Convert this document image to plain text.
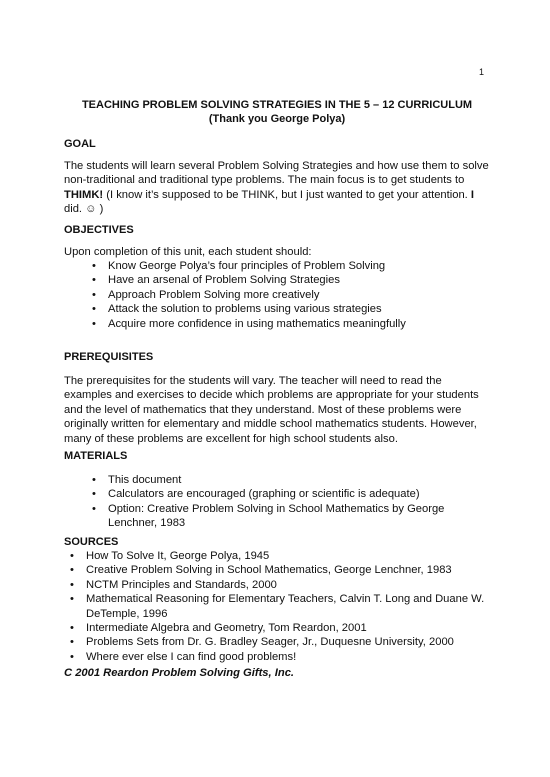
1
TEACHING PROBLEM SOLVING STRATEGIES IN THE 5 – 12 CURRICULUM
(Thank you George Polya)
GOAL
The students will learn several Problem Solving Strategies and how use them to solve non-traditional and traditional type problems. The main focus is to get students to THIMK! (I know it’s supposed to be THINK, but I just wanted to get your attention. I did. ☺ )
OBJECTIVES
Upon completion of this unit, each student should:
• Know George Polya’s four principles of Problem Solving
• Have an arsenal of Problem Solving Strategies
• Approach Problem Solving more creatively
• Attack the solution to problems using various strategies
• Acquire more confidence in using mathematics meaningfully
PREREQUISITES
The prerequisites for the students will vary. The teacher will need to read the examples and exercises to decide which problems are appropriate for your students and the level of mathematics that they understand. Most of these problems were originally written for elementary and middle school mathematics students. However, many of these problems are excellent for high school students also.
MATERIALS
• This document
• Calculators are encouraged (graphing or scientific is adequate)
• Option: Creative Problem Solving in School Mathematics by George Lenchner, 1983
SOURCES
• How To Solve It, George Polya, 1945
• Creative Problem Solving in School Mathematics, George Lenchner, 1983
• NCTM Principles and Standards, 2000
• Mathematical Reasoning for Elementary Teachers, Calvin T. Long and Duane W. DeTemple, 1996
• Intermediate Algebra and Geometry, Tom Reardon, 2001
• Problems Sets from Dr. G. Bradley Seager, Jr., Duquesne University, 2000
• Where ever else I can find good problems!
C 2001 Reardon Problem Solving Gifts, Inc.
